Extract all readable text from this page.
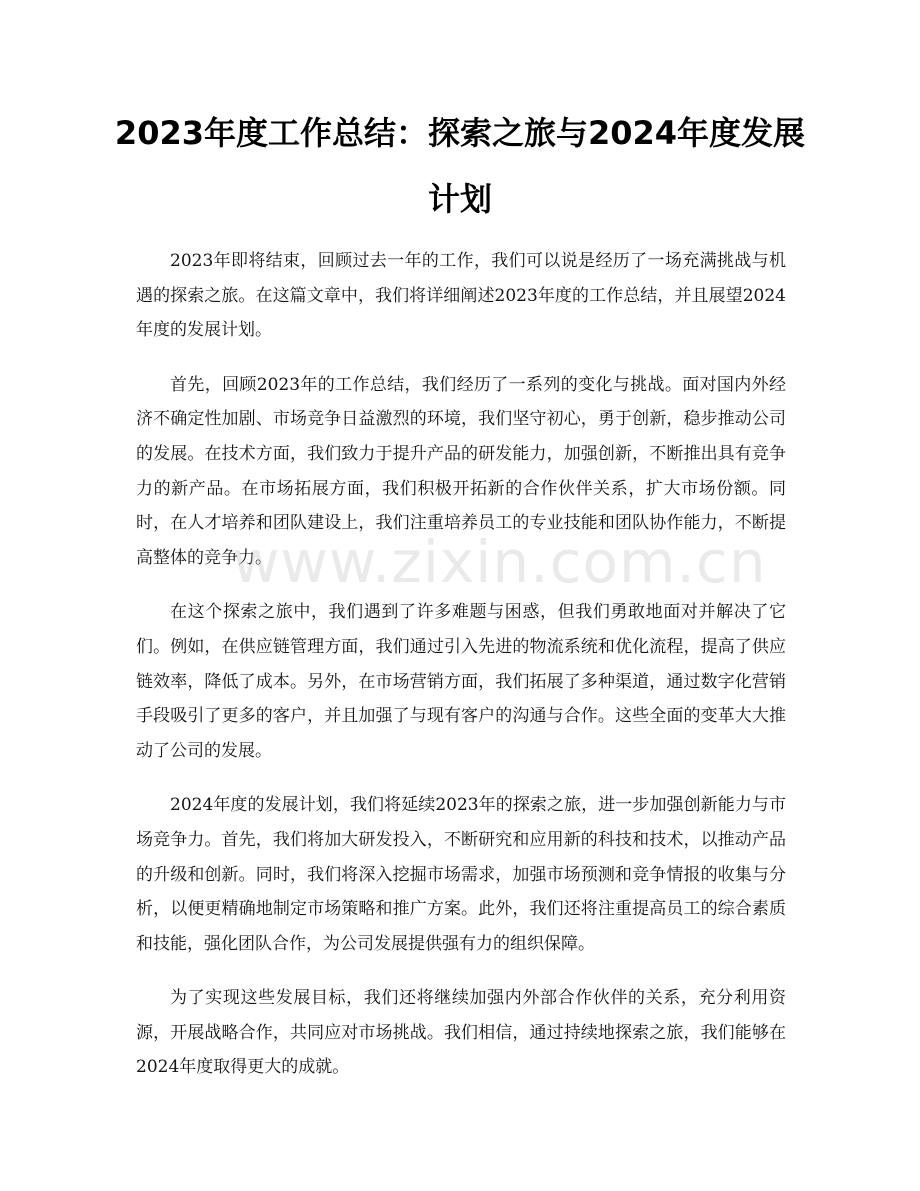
2023年度工作总结：探索之旅与2024年度发展计划

2023年即将结束，回顾过去一年的工作，我们可以说是经历了一场充满挑战与机遇的探索之旅。在这篇文章中，我们将详细阐述2023年度的工作总结，并且展望2024年度的发展计划。

首先，回顾2023年的工作总结，我们经历了一系列的变化与挑战。面对国内外经济不确定性加剧、市场竞争日益激烈的环境，我们坚守初心，勇于创新，稳步推动公司的发展。在技术方面，我们致力于提升产品的研发能力，加强创新，不断推出具有竞争力的新产品。在市场拓展方面，我们积极开拓新的合作伙伴关系，扩大市场份额。同时，在人才培养和团队建设上，我们注重培养员工的专业技能和团队协作能力，不断提高整体的竞争力。

在这个探索之旅中，我们遇到了许多难题与困惑，但我们勇敢地面对并解决了它们。例如，在供应链管理方面，我们通过引入先进的物流系统和优化流程，提高了供应链效率，降低了成本。另外，在市场营销方面，我们拓展了多种渠道，通过数字化营销手段吸引了更多的客户，并且加强了与现有客户的沟通与合作。这些全面的变革大大推动了公司的发展。

2024年度的发展计划，我们将延续2023年的探索之旅，进一步加强创新能力与市场竞争力。首先，我们将加大研发投入，不断研究和应用新的科技和技术，以推动产品的升级和创新。同时，我们将深入挖掘市场需求，加强市场预测和竞争情报的收集与分析，以便更精确地制定市场策略和推广方案。此外，我们还将注重提高员工的综合素质和技能，强化团队合作，为公司发展提供强有力的组织保障。

为了实现这些发展目标，我们还将继续加强内外部合作伙伴的关系，充分利用资源，开展战略合作，共同应对市场挑战。我们相信，通过持续地探索之旅，我们能够在2024年度取得更大的成就。

www.zixin.com.cn
